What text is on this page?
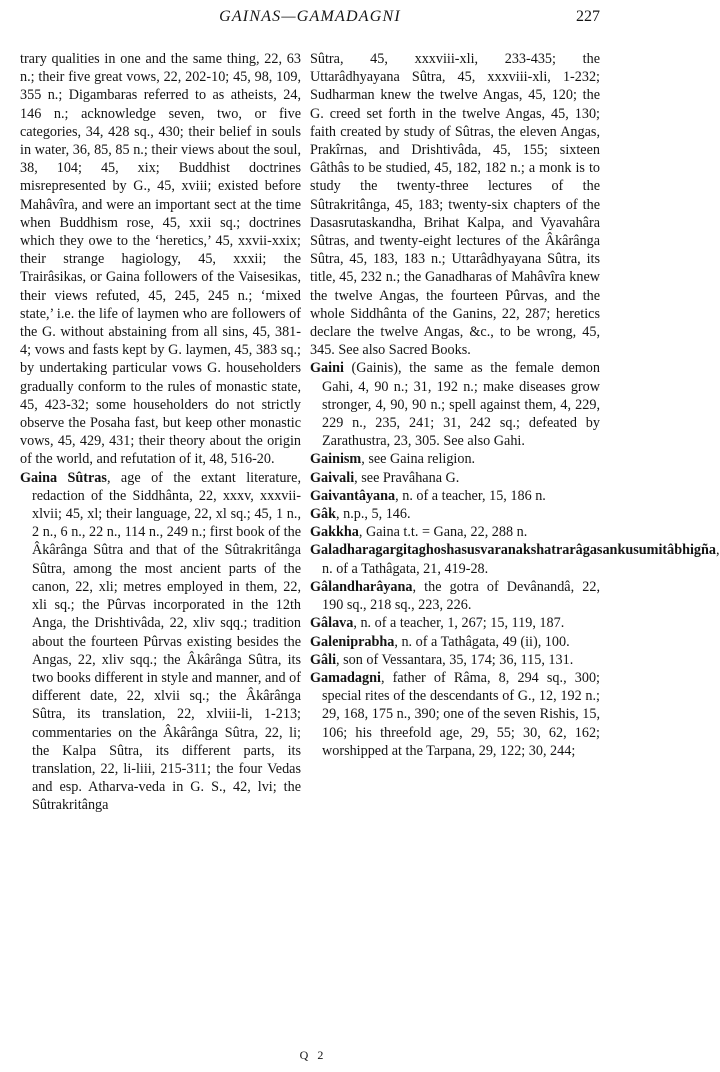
GAINAS—GAMADAGNI	227

trary qualities in one and the same thing, 22, 63 n.; their five great vows, 22, 202-10; 45, 98, 109, 355 n.; Digambaras referred to as atheists, 24, 146 n.; acknowledge seven, two, or five categories, 34, 428 sq., 430; their belief in souls in water, 36, 85, 85 n.; their views about the soul, 38, 104; 45, xix; Buddhist doctrines misrepresented by G., 45, xviii; existed before Mahâvîra, and were an important sect at the time when Buddhism rose, 45, xxii sq.; doctrines which they owe to the ‘heretics,’ 45, xxvii-xxix; their strange hagiology, 45, xxxii; the Trairâsikas, or Gaina followers of the Vaisesikas, their views refuted, 45, 245, 245 n.; ‘mixed state,’ i.e. the life of laymen who are followers of the G. without abstaining from all sins, 45, 381-4; vows and fasts kept by G. laymen, 45, 383 sq.; by undertaking particular vows G. householders gradually conform to the rules of monastic state, 45, 423-32; some householders do not strictly observe the Posaha fast, but keep other monastic vows, 45, 429, 431; their theory about the origin of the world, and refutation of it, 48, 516-20.

Gaina Sûtras, age of the extant literature, redaction of the Siddhânta, 22, xxxv, xxxvii-xlvii; 45, xl; their language, 22, xl sq.; 45, 1 n., 2 n., 6 n., 22 n., 114 n., 249 n.; first book of the Âkârânga Sûtra and that of the Sûtrakritânga Sûtra, among the most ancient parts of the canon, 22, xli; metres employed in them, 22, xli sq.; the Pûrvas incorporated in the 12th Anga, the Drishtivâda, 22, xliv sqq.; tradition about the fourteen Pûrvas existing besides the Angas, 22, xliv sqq.; the Âkârânga Sûtra, its two books different in style and manner, and of different date, 22, xlvii sq.; the Âkârânga Sûtra, its translation, 22, xlviii-li, 1-213; commentaries on the Âkârânga Sûtra, 22, li; the Kalpa Sûtra, its different parts, its translation, 22, li-liii, 215-311; the four Vedas and esp. Atharva-veda in G. S., 42, lvi; the Sûtrakritânga

Sûtra, 45, xxxviii-xli, 233-435; the Uttarâdhyayana Sûtra, 45, xxxviii-xli, 1-232; Sudharman knew the twelve Angas, 45, 120; the G. creed set forth in the twelve Angas, 45, 130; faith created by study of Sûtras, the eleven Angas, Prakîrnas, and Drishtivâda, 45, 155; sixteen Gâthâs to be studied, 45, 182, 182 n.; a monk is to study the twenty-three lectures of the Sûtrakritânga, 45, 183; twenty-six chapters of the Dasasrutaskandha, Brihat Kalpa, and Vyavahâra Sûtras, and twenty-eight lectures of the Âkârânga Sûtra, 45, 183, 183 n.; Uttarâdhyayana Sûtra, its title, 45, 232 n.; the Ganadharas of Mahâvîra knew the twelve Angas, the fourteen Pûrvas, and the whole Siddhânta of the Ganins, 22, 287; heretics declare the twelve Angas, &c., to be wrong, 45, 345. See also Sacred Books.

Gaini (Gainis), the same as the female demon Gahi, 4, 90 n.; 31, 192 n.; make diseases grow stronger, 4, 90, 90 n.; spell against them, 4, 229, 229 n., 235, 241; 31, 242 sq.; defeated by Zarathustra, 23, 305. See also Gahi.

Gainism, see Gaina religion.

Gaivali, see Pravâhana G.

Gaivantâyana, n. of a teacher, 15, 186 n.

Gâk, n.p., 5, 146.

Gakkha, Gaina t.t. = Gana, 22, 288 n.

Galadharagargitaghoshasusvaranakshatrarâgasankusumitâbhigña, n. of a Tathâgata, 21, 419-28.

Gâlandharâyana, the gotra of Devânandâ, 22, 190 sq., 218 sq., 223, 226.

Gâlava, n. of a teacher, 1, 267; 15, 119, 187.

Galeniprabha, n. of a Tathâgata, 49 (ii), 100.

Gâli, son of Vessantara, 35, 174; 36, 115, 131.

Gamadagni, father of Râma, 8, 294 sq., 300; special rites of the descendants of G., 12, 192 n.; 29, 168, 175 n., 390; one of the seven Rishis, 15, 106; his threefold age, 29, 55; 30, 62, 162; worshipped at the Tarpana, 29, 122; 30, 244;

Q 2
